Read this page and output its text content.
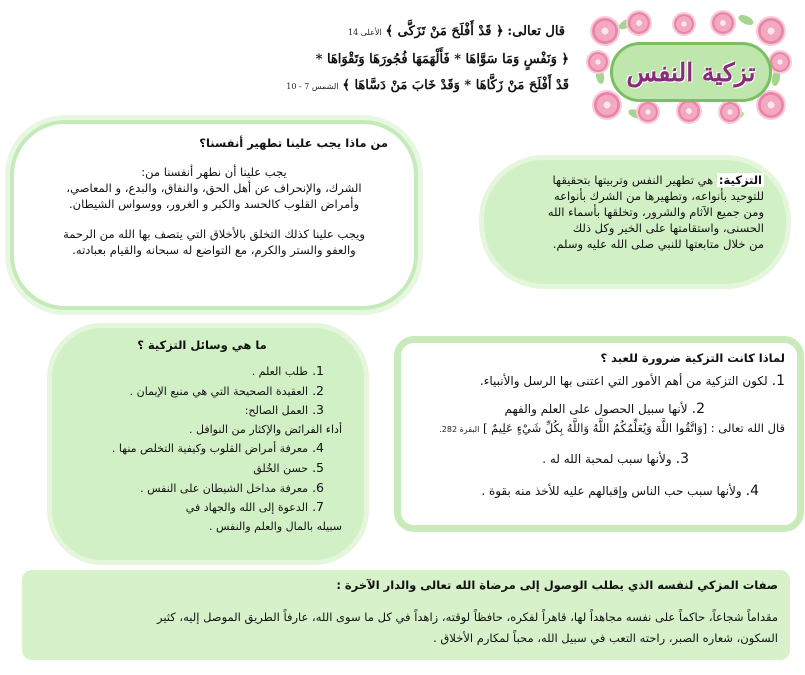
تزكية النفس
قال تعالى: ﴿ قَدْ أَفْلَحَ مَنْ تَزَكَّى ﴾ الأعلى 14
﴿ وَنَفْسٍ وَمَا سَوَّاهَا * فَأَلْهَمَهَا فُجُورَهَا وَتَقْوَاهَا *
قَدْ أَفْلَحَ مَنْ زَكَّاهَا * وَقَدْ خَابَ مَنْ دَسَّاهَا ﴾ الشمس 7 - 10
التزكية: هي تطهير النفس وتربيتها بتحقيقها
للتوحيد بأنواعه، وتطهيرها من الشرك بأنواعه
ومن جميع الآثام والشرور، وتخلقها بأسماء الله
الحسنى، واستقامتها على الخير وكل ذلك
من خلال متابعتها للنبي صلى الله عليه وسلم.
من ماذا يجب علينا تطهير أنفسنا؟
يجب علينا أن نطهر أنفسنا من:
الشرك، والإنحراف عن أهل الحق، والنفاق، والبدع، و المعاصي،
وأمراض القلوب كالحسد والكبر و الغرور، ووسواس الشيطان.
ويجب علينا كذلك التخلق بالأخلاق التي يتصف بها الله من الرحمة
والعفو والستر والكرم، مع التواضع له سبحانه والقيام بعبادته.
ما هي وسائل التزكية ؟
1.طلب العلم .
2.العقيدة الصحيحة التي هي منبع الإيمان .
3.العمل الصالح:
أداء الفرائض والإكثار من النوافل .
4.معرفة أمراض القلوب وكيفية التخلص منها .
5.حسن الخُلق
6.معرفة مداخل الشيطان على النفس .
7.الدعوة إلى الله والجهاد في
سبيله بالمال والعلم والنفس .
لماذا كانت التزكية ضرورة للعبد ؟
1.لكون التزكية من أهم الأمور التي اعتنى بها الرسل والأنبياء.
2.لأنها سبيل الحصول على العلم والفهم
قال الله تعالى : [وَاتَّقُوا اللَّهَ وَيُعَلِّمُكُمُ اللَّهُ وَاللَّهُ بِكُلِّ شَيْءٍ عَلِيمٌ ] البقرة 282.
3.ولأنها سبب لمحبة الله له .
4.ولأنها سبب حب الناس وإقبالهم عليه للأخذ منه بقوة .
صفات المزكي لنفسه الذي يطلب الوصول إلى مرضاة الله تعالى والدار الآخرة :
مقداماً شجاعاً، حاكماً على نفسه مجاهداً لها، قاهراً لفكره، حافظاً لوقته، زاهداً في كل ما سوى الله، عارفاً الطريق الموصل إليه، كثير
السكون، شعاره الصبر، راحته التعب في سبيل الله، محباً لمكارم الأخلاق .
